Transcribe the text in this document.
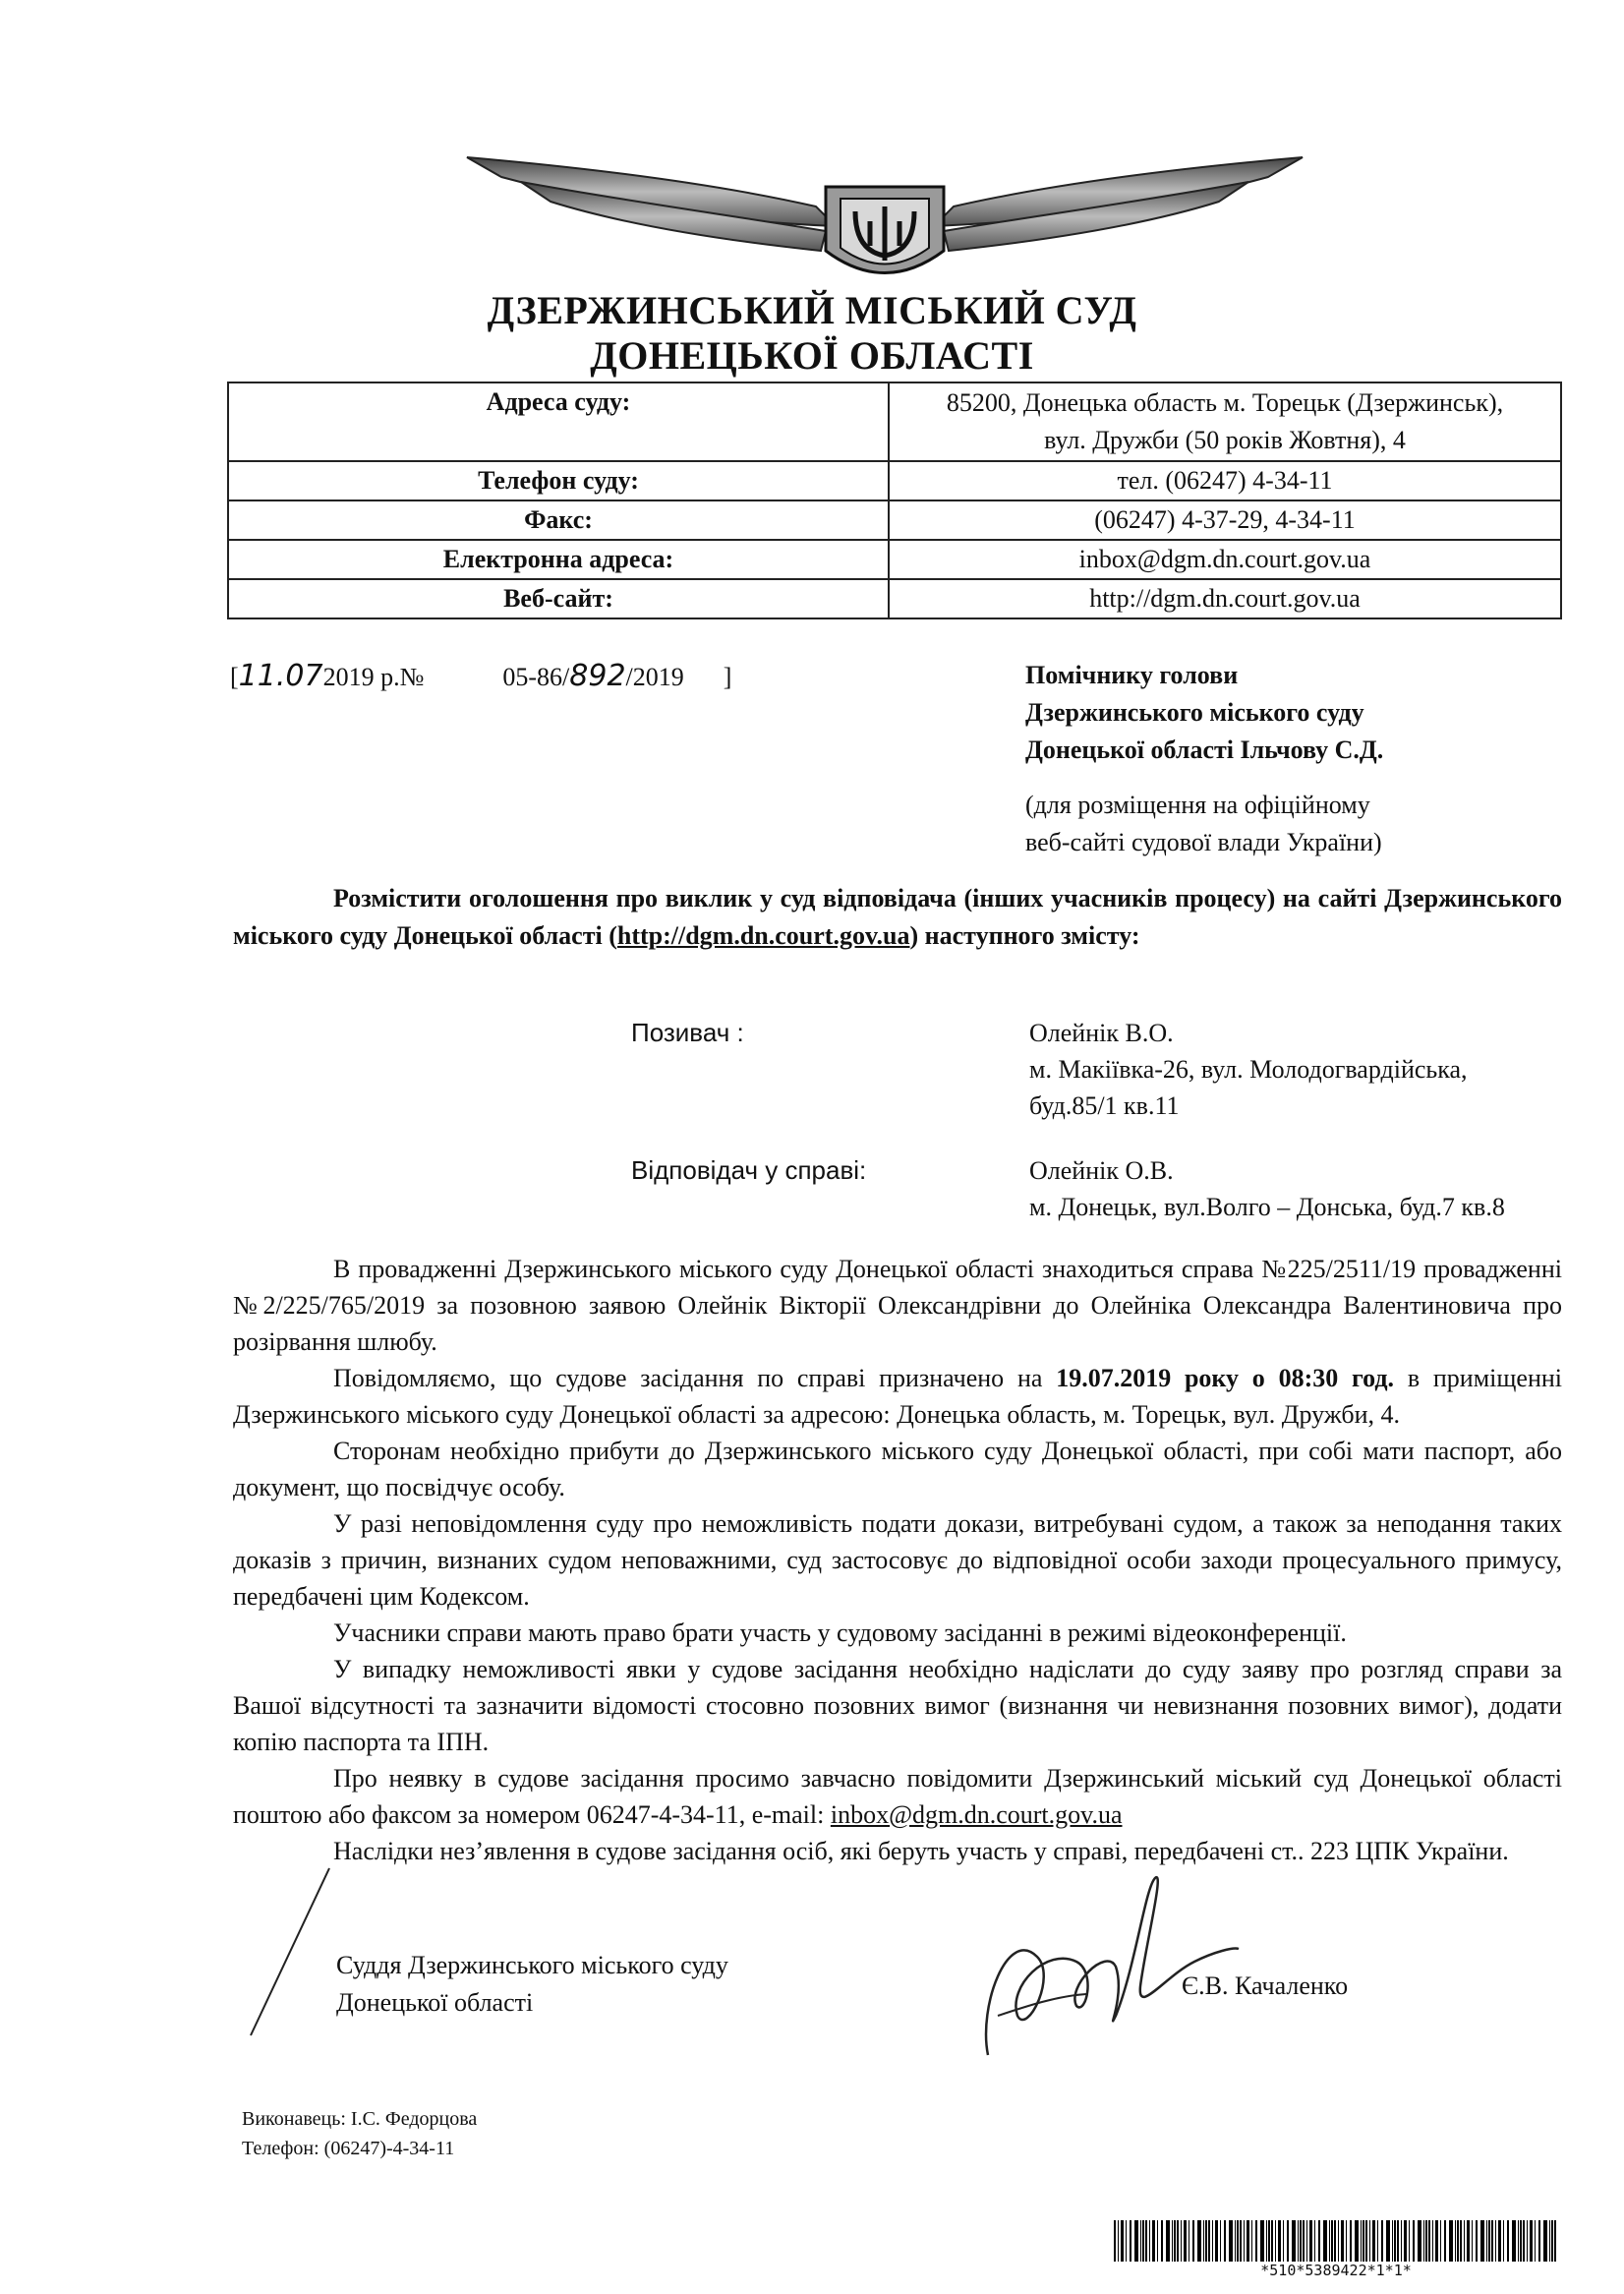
ДЗЕРЖИНСЬКИЙ МІСЬКИЙ СУД
ДОНЕЦЬКОЇ ОБЛАСТІ
Адреса суду:	85200, Донецька область м. Торецьк (Дзержинськ),
вул. Дружби (50 років Жовтня), 4

Телефон суду:	тел. (06247) 4-34-11
Факс:	(06247) 4-37-29, 4-34-11
Електронна адреса:	inbox@dgm.dn.court.gov.ua
Веб-сайт:	http://dgm.dn.court.gov.ua
[11.072019 р.№	05-86/892/2019 ]	Помічнику голови
Дзержинського міського суду
Донецької області Ільчову С.Д.
(для розміщення на офіційному
веб-сайті судової влади України)
Розмістити оголошення про виклик у суд відповідача (інших учасників процесу) на сайті Дзержинського міського суду Донецької області (http://dgm.dn.court.gov.ua) наступного змісту:
Позивач :	Олейнік В.О.
м. Макіївка-26, вул. Молодогвардійська,
буд.85/1 кв.11
Відповідач у справі:	Олейнік О.В.
м. Донецьк, вул.Волго – Донська, буд.7 кв.8

В провадженні Дзержинського міського суду Донецької області знаходиться справа №225/2511/19 провадженні №2/225/765/2019 за позовною заявою Олейнік Вікторії Олександрівни до Олейніка Олександра Валентиновича про розірвання шлюбу.

Повідомляємо, що судове засідання по справі призначено на 19.07.2019 року о 08:30 год. в приміщенні Дзержинського міського суду Донецької області за адресою: Донецька область, м. Торецьк, вул. Дружби, 4.

Сторонам необхідно прибути до Дзержинського міського суду Донецької області, при собі мати паспорт, або документ, що посвідчує особу.

У разі неповідомлення суду про неможливість подати докази, витребувані судом, а також за неподання таких доказів з причин, визнаних судом неповажними, суд застосовує до відповідної особи заходи процесуального примусу, передбачені цим Кодексом.

Учасники справи мають право брати участь у судовому засіданні в режимі відеоконференції.

У випадку неможливості явки у судове засідання необхідно надіслати до суду заяву про розгляд справи за Вашої відсутності та зазначити відомості стосовно позовних вимог (визнання чи невизнання позовних вимог), додати копію паспорта та ІПН.

Про неявку в судове засідання просимо завчасно повідомити Дзержинський міський суд Донецької області поштою або факсом за номером 06247-4-34-11, e-mail: inbox@dgm.dn.court.gov.ua

Наслідки нез’явлення в судове засідання осіб, які беруть участь у справі, передбачені ст.. 223 ЦПК України.

Суддя Дзержинського міського суду
Донецької області
Є.В. Качаленко
Виконавець: І.С. Федорцова
Телефон: (06247)-4-34-11
*510*5389422*1*1*
